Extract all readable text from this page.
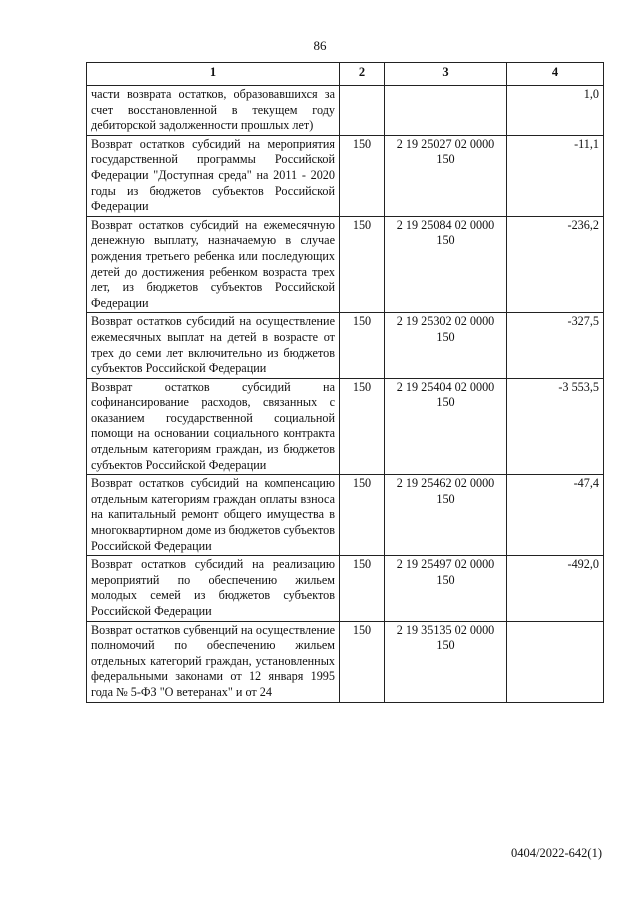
86
1	2	3	4
части возврата остатков, образовавшихся за счет восстановленной в текущем году дебиторской задолженности прошлых лет)			1,0
Возврат остатков субсидий на мероприятия государственной программы Российской Федерации "Доступная среда" на 2011 - 2020 годы из бюджетов субъектов Российской Федерации	150	2 19 25027 02 0000 150	-11,1
Возврат остатков субсидий на ежемесячную денежную выплату, назначаемую в случае рождения третьего ребенка или последующих детей до достижения ребенком возраста трех лет, из бюджетов субъектов Российской Федерации	150	2 19 25084 02 0000 150	-236,2
Возврат остатков субсидий на осуществление ежемесячных выплат на детей в возрасте от трех до семи лет включительно из бюджетов субъектов Российской Федерации	150	2 19 25302 02 0000 150	-327,5
Возврат остатков субсидий на софинансирование расходов, связанных с оказанием государственной социальной помощи на основании социального контракта отдельным категориям граждан, из бюджетов субъектов Российской Федерации	150	2 19 25404 02 0000 150	-3 553,5
Возврат остатков субсидий на компенсацию отдельным категориям граждан оплаты взноса на капитальный ремонт общего имущества в многоквартирном доме из бюджетов субъектов Российской Федерации	150	2 19 25462 02 0000 150	-47,4
Возврат остатков субсидий на реализацию мероприятий по обеспечению жильем молодых семей из бюджетов субъектов Российской Федерации	150	2 19 25497 02 0000 150	-492,0
Возврат остатков субвенций на осуществление полномочий по обеспечению жильем отдельных категорий граждан, установленных федеральными законами от 12 января 1995 года № 5-ФЗ "О ветеранах" и от 24	150	2 19 35135 02 0000 150	
0404/2022-642(1)
